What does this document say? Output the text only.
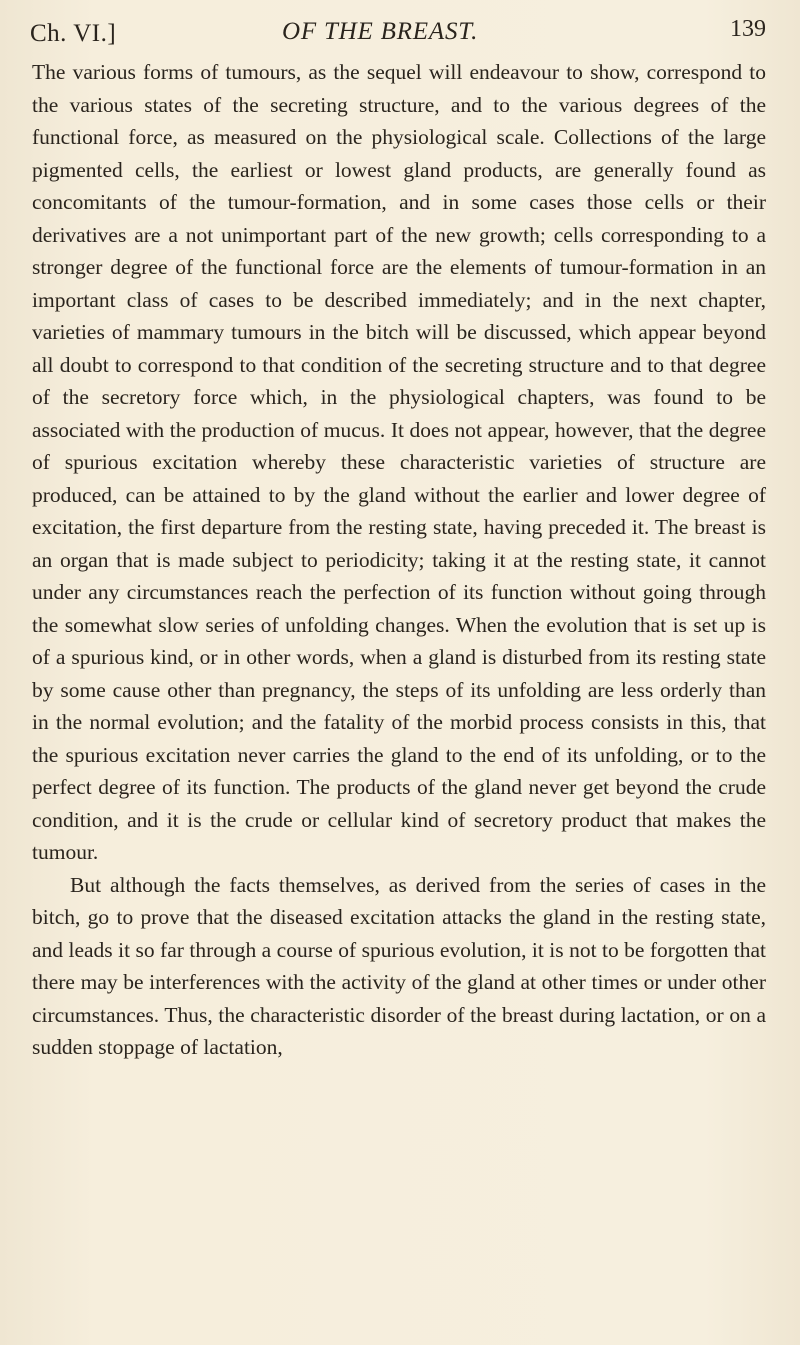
Ch. VI.]	OF THE BREAST.	139

The various forms of tumours, as the sequel will endeavour to show, correspond to the various states of the secreting structure, and to the various degrees of the functional force, as measured on the physiological scale. Collections of the large pigmented cells, the earliest or lowest gland products, are generally found as concomitants of the tumour-formation, and in some cases those cells or their derivatives are a not unimportant part of the new growth; cells corresponding to a stronger degree of the functional force are the elements of tumour-formation in an important class of cases to be described immediately; and in the next chapter, varieties of mammary tumours in the bitch will be discussed, which appear beyond all doubt to correspond to that condition of the secreting structure and to that degree of the secretory force which, in the physiological chapters, was found to be associated with the production of mucus. It does not appear, however, that the degree of spurious excitation whereby these characteristic varieties of structure are produced, can be attained to by the gland without the earlier and lower degree of excitation, the first departure from the resting state, having preceded it. The breast is an organ that is made subject to periodicity; taking it at the resting state, it cannot under any circumstances reach the perfection of its function without going through the somewhat slow series of unfolding changes. When the evolution that is set up is of a spurious kind, or in other words, when a gland is disturbed from its resting state by some cause other than pregnancy, the steps of its unfolding are less orderly than in the normal evolution; and the fatality of the morbid process consists in this, that the spurious excitation never carries the gland to the end of its unfolding, or to the perfect degree of its function. The products of the gland never get beyond the crude condition, and it is the crude or cellular kind of secretory product that makes the tumour.

But although the facts themselves, as derived from the series of cases in the bitch, go to prove that the diseased excitation attacks the gland in the resting state, and leads it so far through a course of spurious evolution, it is not to be forgotten that there may be interferences with the activity of the gland at other times or under other circumstances. Thus, the characteristic disorder of the breast during lactation, or on a sudden stoppage of lactation,
